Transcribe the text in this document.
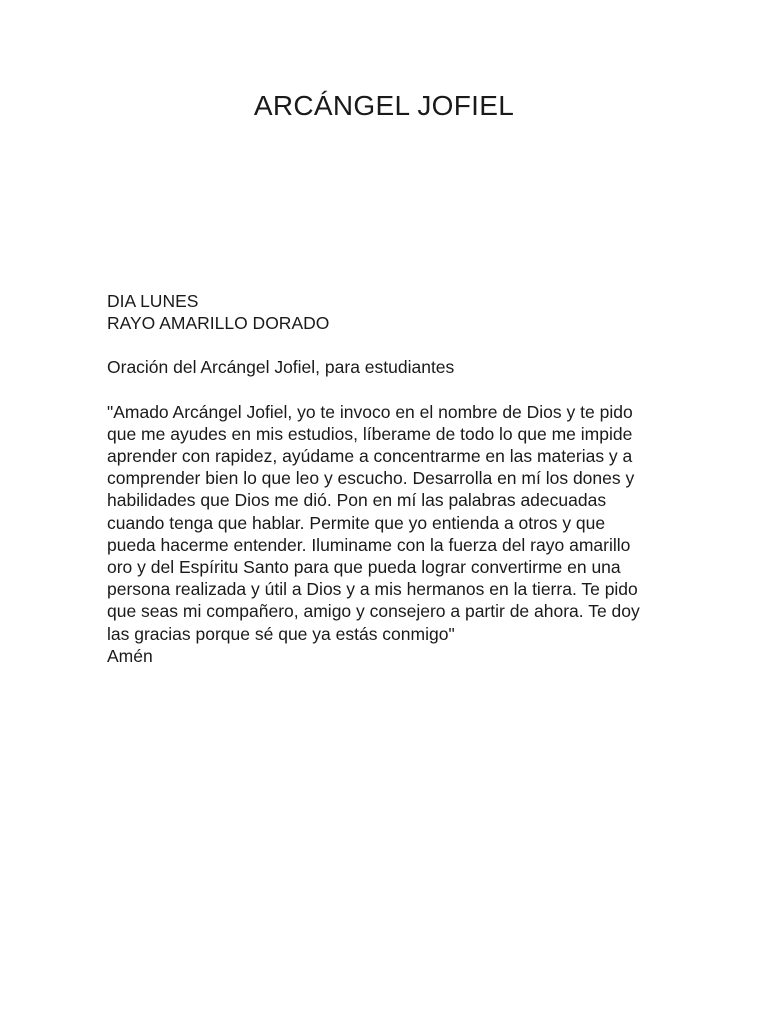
ARCÁNGEL JOFIEL
DIA LUNES
RAYO AMARILLO DORADO
Oración del Arcángel Jofiel, para estudiantes
"Amado Arcángel Jofiel, yo te invoco en el nombre de Dios y te pido
que me ayudes en mis estudios, líberame de todo lo que me impide
aprender con rapidez, ayúdame a concentrarme en las materias y a
comprender bien lo que leo y escucho. Desarrolla en mí los dones y
habilidades que Dios me dió. Pon en mí las palabras adecuadas
cuando tenga que hablar. Permite que yo entienda a otros y que
pueda hacerme entender. Iluminame con la fuerza del rayo amarillo
oro y del Espíritu Santo para que pueda lograr convertirme en una
persona realizada y útil a Dios y a mis hermanos en la tierra. Te pido
que seas mi compañero, amigo y consejero a partir de ahora. Te doy
las gracias porque sé que ya estás conmigo"
Amén
